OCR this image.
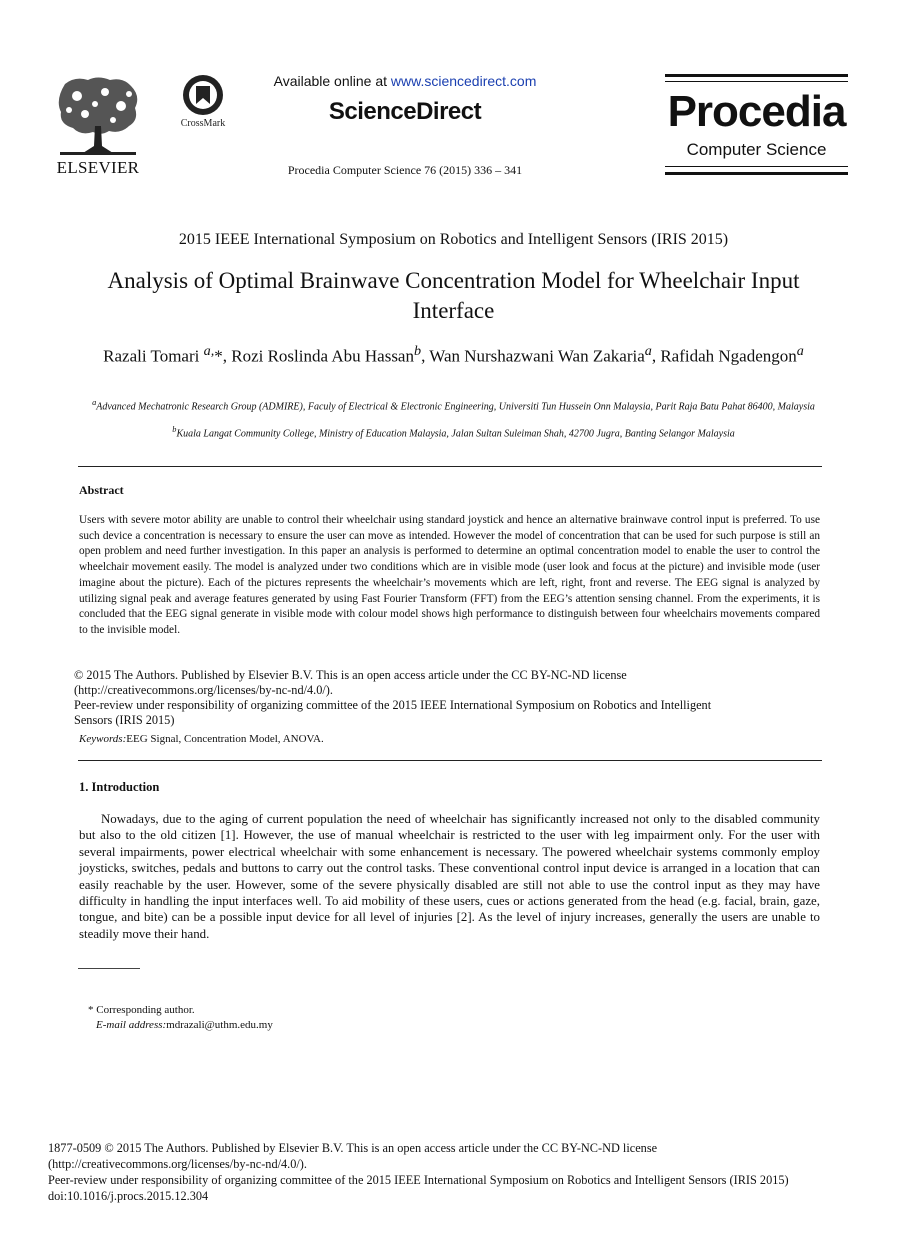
ELSEVIER
CrossMark
Available online at www.sciencedirect.com
ScienceDirect
Procedia Computer Science 76 (2015) 336 – 341
Procedia
Computer Science
2015 IEEE International Symposium on Robotics and Intelligent Sensors (IRIS 2015)
Analysis of Optimal Brainwave Concentration Model for Wheelchair Input Interface
Razali Tomari $^{a,}$*, Rozi Roslinda Abu Hassan$^b$, Wan Nurshazwani Wan Zakaria$^a$, Rafidah Ngadengon$^a$
$^a$Advanced Mechatronic Research Group (ADMIRE), Faculy of Electrical & Electronic Engineering, Universiti Tun Hussein Onn Malaysia, Parit Raja Batu Pahat 86400, Malaysia
$^b$Kuala Langat Community College, Ministry of Education Malaysia, Jalan Sultan Suleiman Shah, 42700 Jugra, Banting Selangor Malaysia
Abstract
Users with severe motor ability are unable to control their wheelchair using standard joystick and hence an alternative brainwave control input is preferred. To use such device a concentration is necessary to ensure the user can move as intended. However the model of concentration that can be used for such purpose is still an open problem and need further investigation. In this paper an analysis is performed to determine an optimal concentration model to enable the user to control the wheelchair movement easily. The model is analyzed under two conditions which are in visible mode (user look and focus at the picture) and invisible mode (user imagine about the picture). Each of the pictures represents the wheelchair’s movements which are left, right, front and reverse. The EEG signal is analyzed by utilizing signal peak and average features generated by using Fast Fourier Transform (FFT) from the EEG’s attention sensing channel. From the experiments, it is concluded that the EEG signal generate in visible mode with colour model shows high performance to distinguish between four wheelchairs movements compared to the invisible model.
© 2015 The Authors. Published by Elsevier B.V. This is an open access article under the CC BY-NC-ND license
(http://creativecommons.org/licenses/by-nc-nd/4.0/).
Peer-review under responsibility of organizing committee of the 2015 IEEE International Symposium on Robotics and Intelligent
Sensors (IRIS 2015)
Keywords:EEG Signal, Concentration Model, ANOVA.
1. Introduction
Nowadays, due to the aging of current population the need of wheelchair has significantly increased not only to the disabled community but also to the old citizen [1]. However, the use of manual wheelchair is restricted to the user with leg impairment only. For the user with several impairments, power electrical wheelchair with some enhancement is necessary. The powered wheelchair systems commonly employ joysticks, switches, pedals and buttons to carry out the control tasks. These conventional control input device is arranged in a location that can easily reachable by the user. However, some of the severe physically disabled are still not able to use the control input as they may have difficulty in handling the input interfaces well. To aid mobility of these users, cues or actions generated from the head (e.g. facial, brain, gaze, tongue, and bite) can be a possible input device for all level of injuries [2]. As the level of injury increases, generally the users are unable to steadily move their hand.
* Corresponding author.
E-mail address:mdrazali@uthm.edu.my
1877-0509 © 2015 The Authors. Published by Elsevier B.V. This is an open access article under the CC BY-NC-ND license
(http://creativecommons.org/licenses/by-nc-nd/4.0/).
Peer-review under responsibility of organizing committee of the 2015 IEEE International Symposium on Robotics and Intelligent Sensors (IRIS 2015)
doi:10.1016/j.procs.2015.12.304
